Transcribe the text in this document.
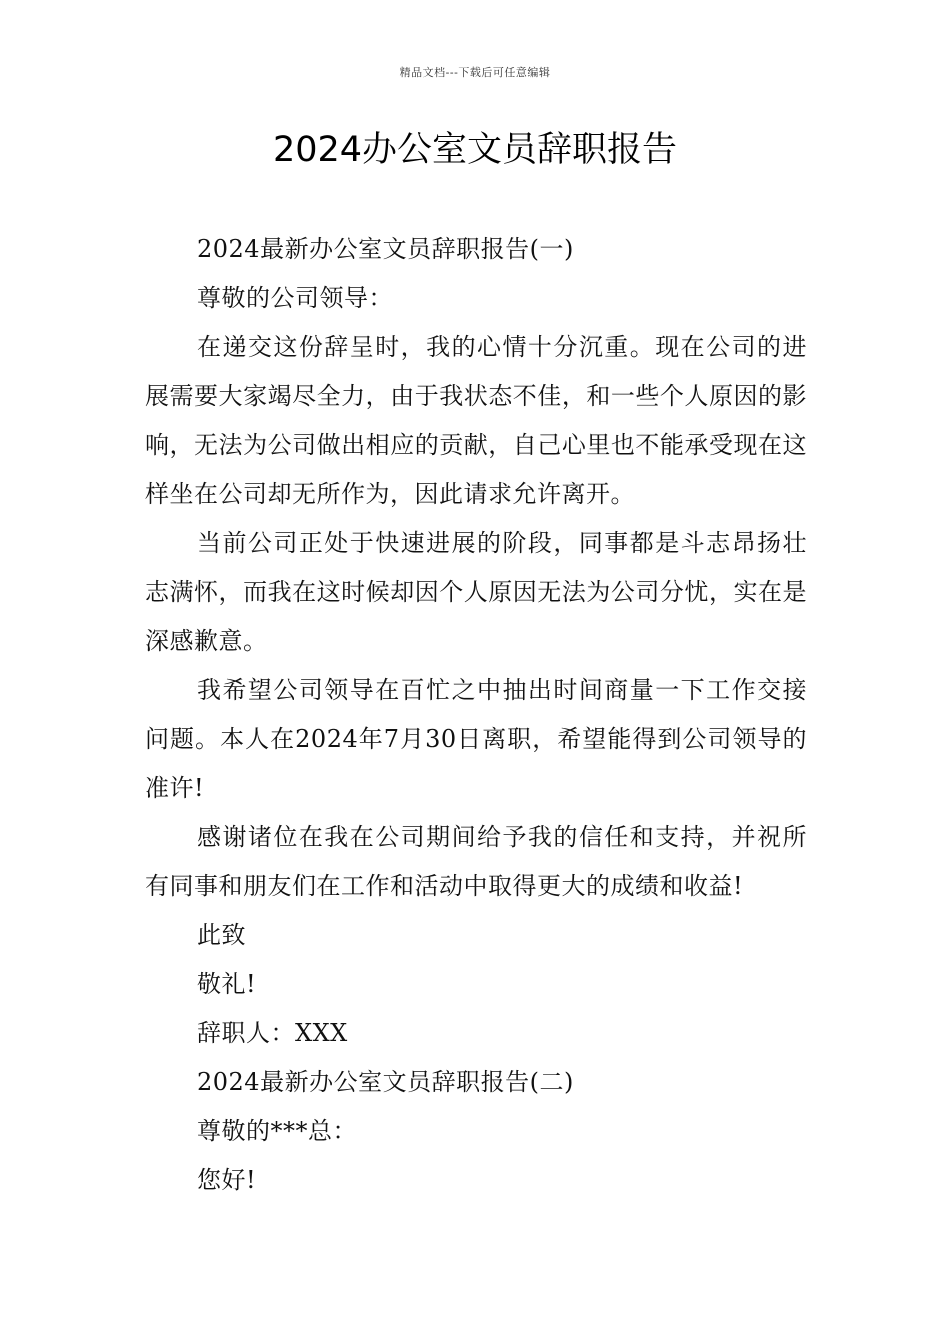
精品文档---下载后可任意编辑
2024办公室文员辞职报告

2024最新办公室文员辞职报告(一)

尊敬的公司领导：

在递交这份辞呈时，我的心情十分沉重。现在公司的进展需要大家竭尽全力，由于我状态不佳，和一些个人原因的影响，无法为公司做出相应的贡献，自己心里也不能承受现在这样坐在公司却无所作为，因此请求允许离开。

当前公司正处于快速进展的阶段，同事都是斗志昂扬壮志满怀，而我在这时候却因个人原因无法为公司分忧，实在是深感歉意。

我希望公司领导在百忙之中抽出时间商量一下工作交接问题。本人在2024年7月30日离职，希望能得到公司领导的准许!

感谢诸位在我在公司期间给予我的信任和支持，并祝所有同事和朋友们在工作和活动中取得更大的成绩和收益!

此致

敬礼!

辞职人：XXX

2024最新办公室文员辞职报告(二)

尊敬的***总：

您好!
